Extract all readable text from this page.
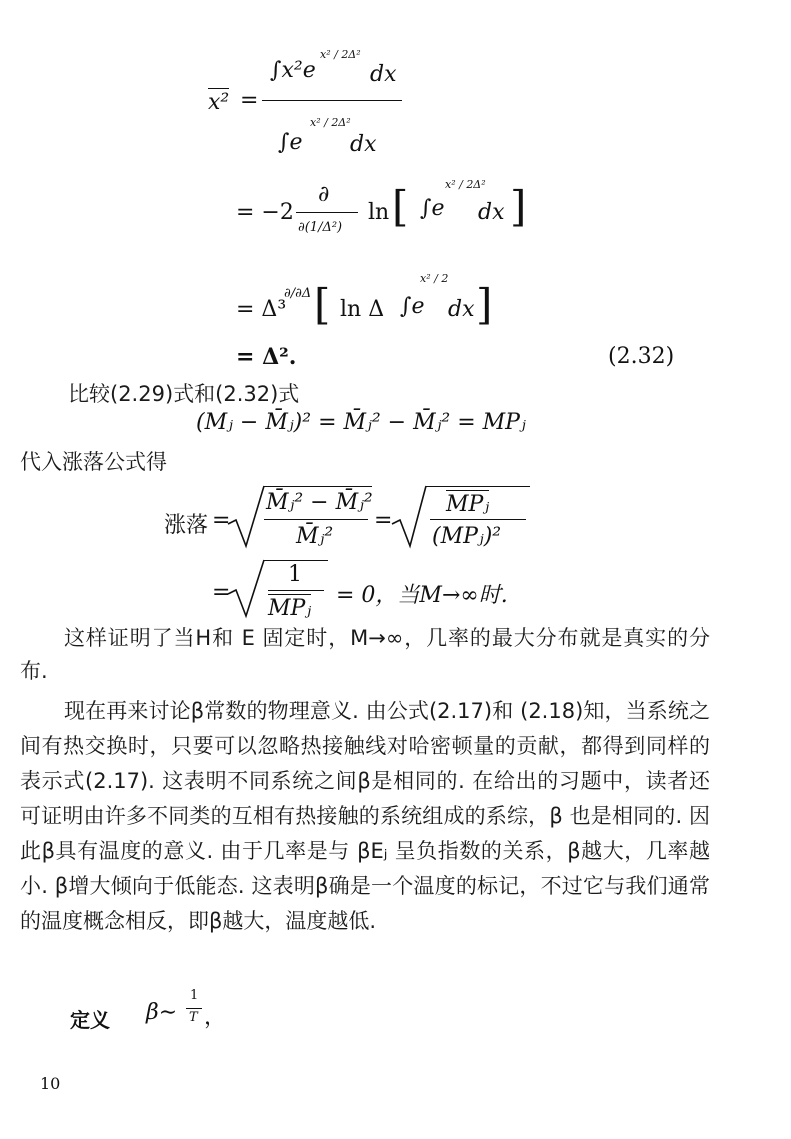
x² =
∫x²e
x² / 2Δ²
dx
∫e
x² / 2Δ²
dx
= −2
∂
∂(1/Δ²)
ln [ ∫e
x² / 2Δ²
dx ]
= Δ³
∂/∂Δ [ ln Δ ∫e
x² / 2
dx ]
= Δ².	(2.32)
比较(2.29)式和(2.32)式
(Mⱼ − M̄ⱼ)² = M̄ⱼ² − M̄ⱼ² = MPⱼ
代入涨落公式得
涨落 =
M̄ⱼ² − M̄ⱼ²
M̄ⱼ²
=
MPⱼ
(MPⱼ)²
=
1
MPⱼ
= 0，当M→∞时.
这样证明了当H和 E 固定时，M→∞，几率的最大分布就是真实的分布.
现在再来讨论β常数的物理意义. 由公式(2.17)和 (2.18)知，当系统之间有热交换时，只要可以忽略热接触线对哈密顿量的贡献，都得到同样的表示式(2.17). 这表明不同系统之间β是相同的. 在给出的习题中，读者还可证明由许多不同类的互相有热接触的系统组成的系综，β 也是相同的. 因此β具有温度的意义. 由于几率是与 βEⱼ 呈负指数的关系，β越大，几率越小. β增大倾向于低能态. 这表明β确是一个温度的标记，不过它与我们通常的温度概念相反，即β越大，温度越低.
定义 β∼
1
T ，
10
